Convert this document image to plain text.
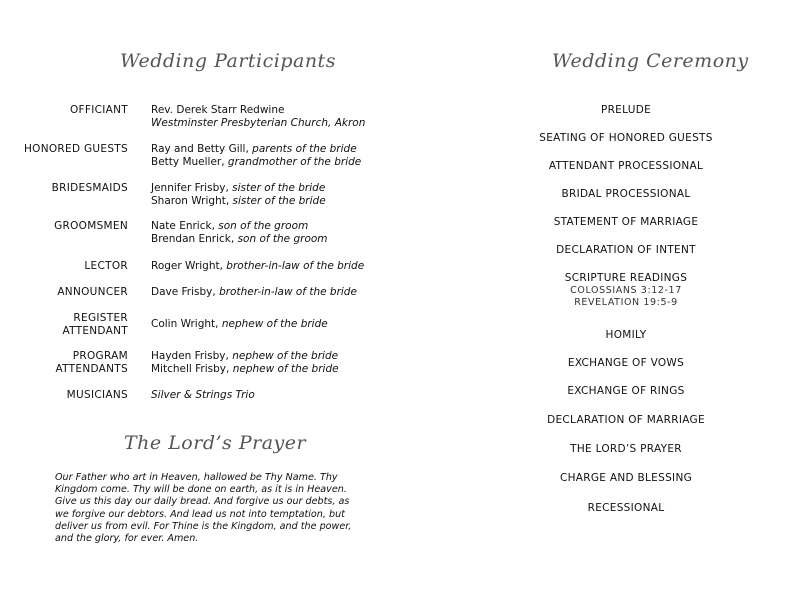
Wedding Participants
OFFICIANT Rev. Derek Starr Redwine
Westminster Presbyterian Church, Akron
HONORED GUESTS Ray and Betty Gill, parents of the bride
Betty Mueller, grandmother of the bride
BRIDESMAIDS Jennifer Frisby, sister of the bride
Sharon Wright, sister of the bride
GROOMSMEN Nate Enrick, son of the groom
Brendan Enrick, son of the groom
LECTOR Roger Wright, brother-in-law of the bride
ANNOUNCER Dave Frisby, brother-in-law of the bride
REGISTER
ATTENDANT
Colin Wright, nephew of the bride
PROGRAM
ATTENDANTS
Hayden Frisby, nephew of the bride
Mitchell Frisby, nephew of the bride
MUSICIANS Silver & Strings Trio
The Lord’s Prayer
Our Father who art in Heaven, hallowed be Thy Name. Thy Kingdom come. Thy will be done on earth, as it is in Heaven. Give us this day our daily bread. And forgive us our debts, as we forgive our debtors. And lead us not into temptation, but deliver us from evil. For Thine is the Kingdom, and the power, and the glory, for ever. Amen.
Wedding Ceremony
PRELUDE
SEATING OF HONORED GUESTS
ATTENDANT PROCESSIONAL
BRIDAL PROCESSIONAL
STATEMENT OF MARRIAGE
DECLARATION OF INTENT
SCRIPTURE READINGS
COLOSSIANS 3:12-17
REVELATION 19:5-9
HOMILY
EXCHANGE OF VOWS
EXCHANGE OF RINGS
DECLARATION OF MARRIAGE
THE LORD’S PRAYER
CHARGE AND BLESSING
RECESSIONAL
